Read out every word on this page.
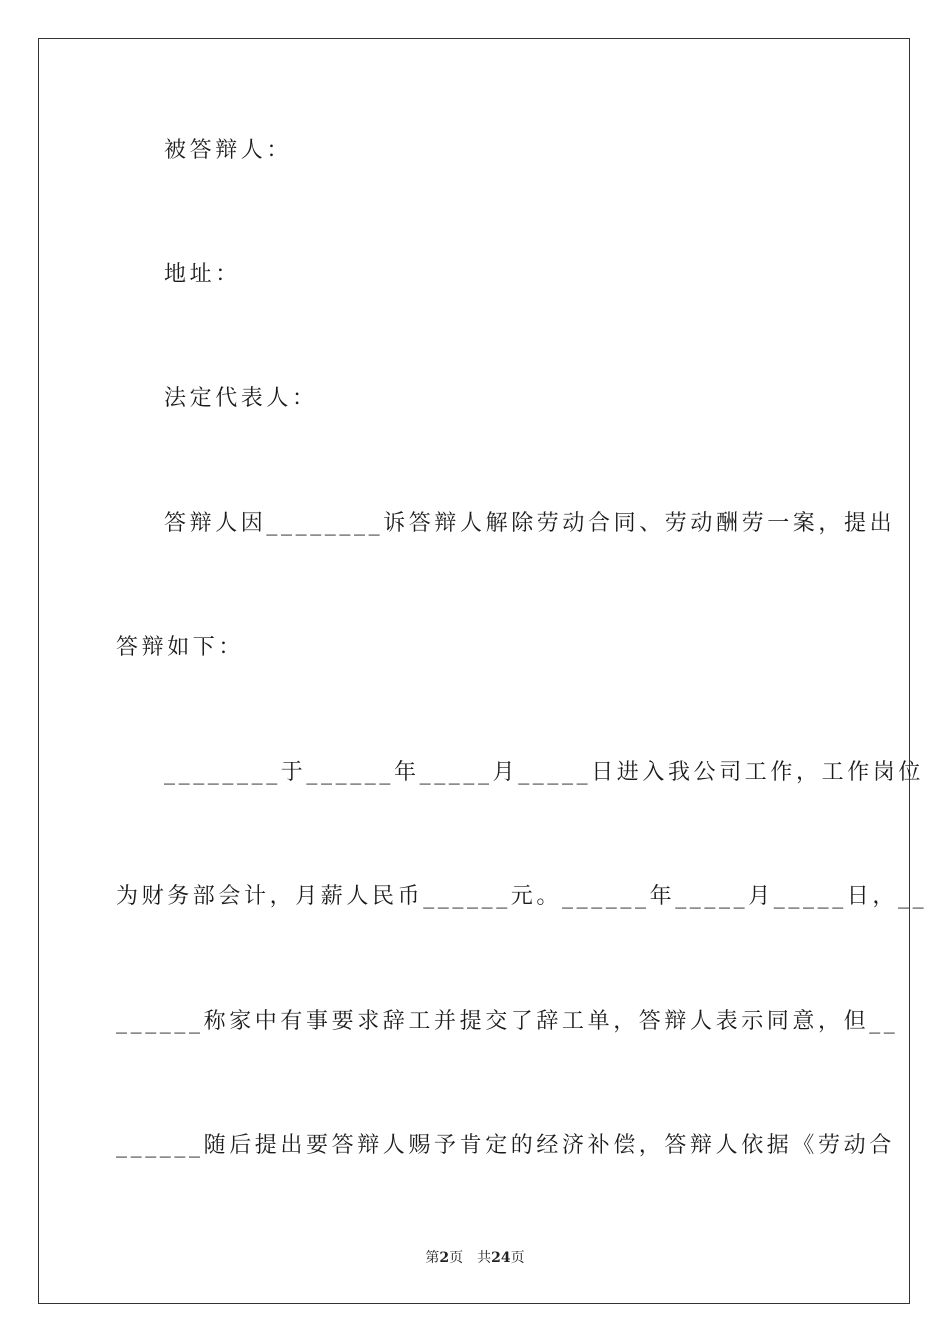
被答辩人：
地址：
法定代表人：
答辩人因________诉答辩人解除劳动合同、劳动酬劳一案，提出
答辩如下：
________于______年_____月_____日进入我公司工作，工作岗位
为财务部会计，月薪人民币______元。______年_____月_____日，__
______称家中有事要求辞工并提交了辞工单，答辩人表示同意，但__
______随后提出要答辩人赐予肯定的经济补偿，答辩人依据《劳动合
第2页 共24页
